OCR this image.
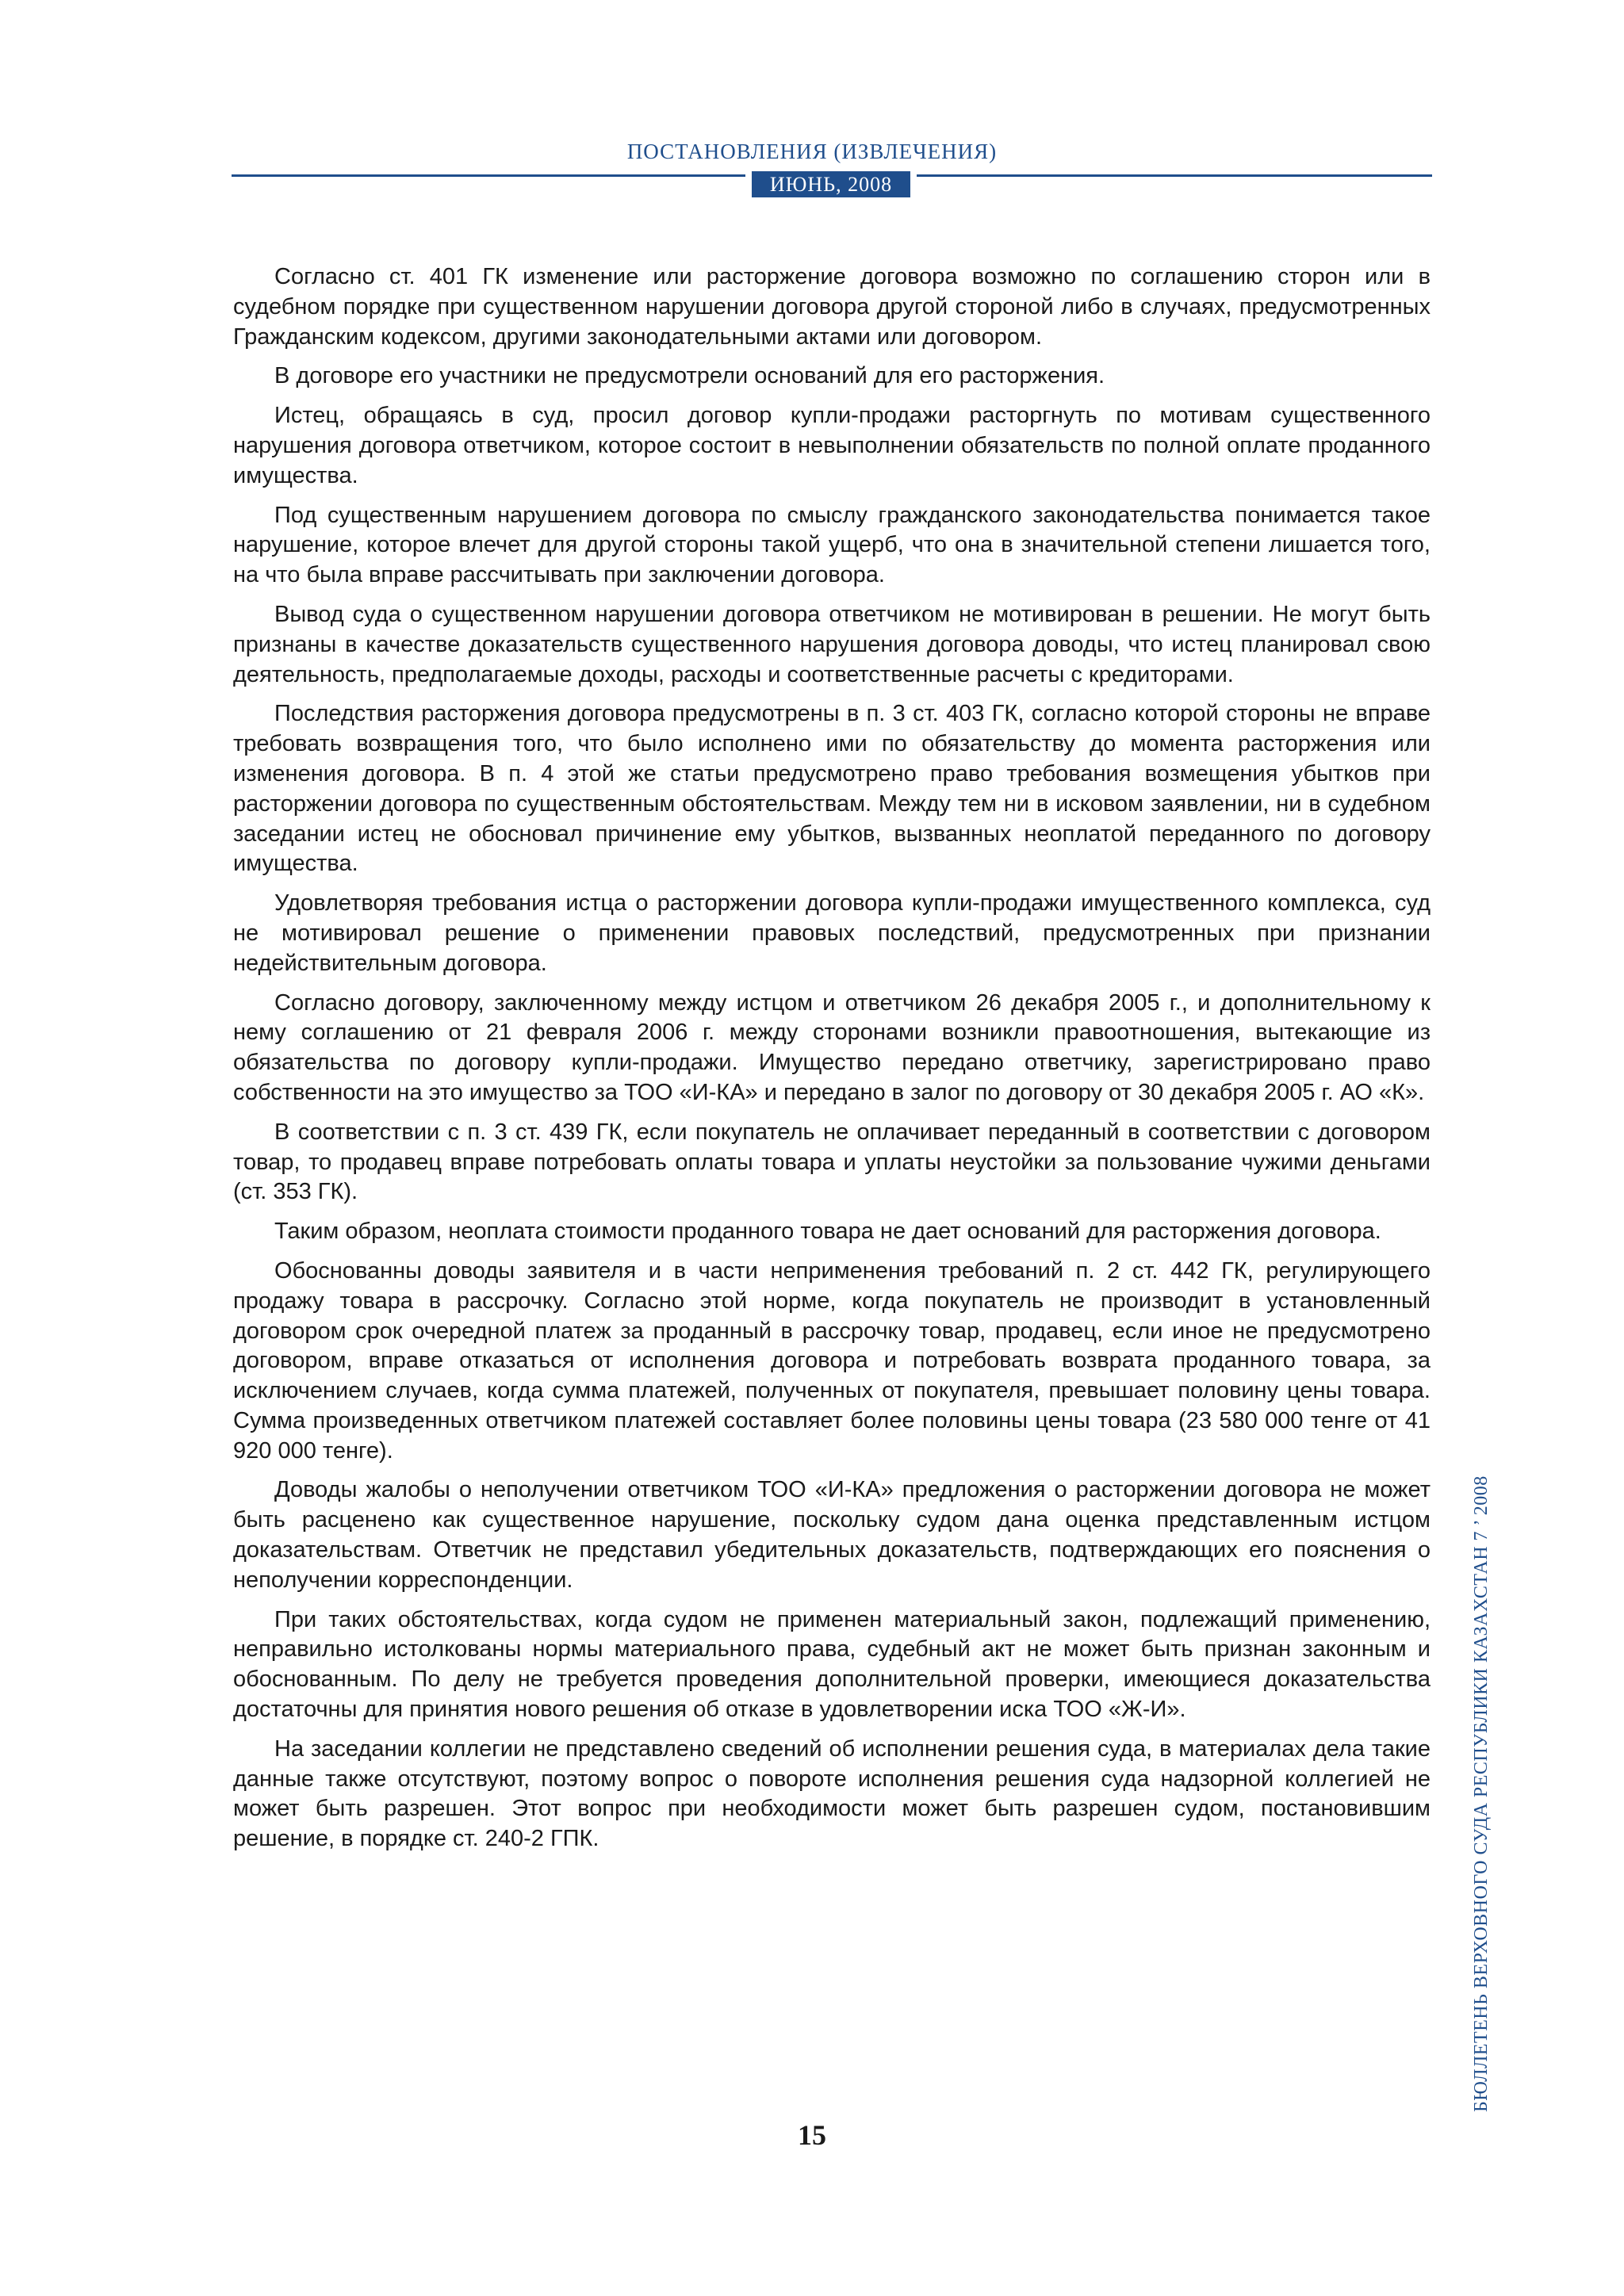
ПОСТАНОВЛЕНИЯ (ИЗВЛЕЧЕНИЯ)
ИЮНЬ, 2008

Согласно ст. 401 ГК изменение или расторжение договора возможно по соглашению сторон или в судебном порядке при существенном нарушении договора другой стороной либо в случаях, предусмотренных Гражданским кодексом, другими законодательными актами или договором.

В договоре его участники не предусмотрели оснований для его расторжения.

Истец, обращаясь в суд, просил договор купли-продажи расторгнуть по мотивам существенного нарушения договора ответчиком, которое состоит в невыполнении обязательств по полной оплате проданного имущества.

Под существенным нарушением договора по смыслу гражданского законодательства понимается такое нарушение, которое влечет для другой стороны такой ущерб, что она в значительной степени лишается того, на что была вправе рассчитывать при заключении договора.

Вывод суда о существенном нарушении договора ответчиком не мотивирован в решении. Не могут быть признаны в качестве доказательств существенного нарушения договора доводы, что истец планировал свою деятельность, предполагаемые доходы, расходы и соответственные расчеты с кредиторами.

Последствия расторжения договора предусмотрены в п. 3 ст. 403 ГК, согласно которой стороны не вправе требовать возвращения того, что было исполнено ими по обязательству до момента расторжения или изменения договора. В п. 4 этой же статьи предусмотрено право требования возмещения убытков при расторжении договора по существенным обстоятельствам. Между тем ни в исковом заявлении, ни в судебном заседании истец не обосновал причинение ему убытков, вызванных неоплатой переданного по договору имущества.

Удовлетворяя требования истца о расторжении договора купли-продажи имущественного комплекса, суд не мотивировал решение о применении правовых последствий, предусмотренных при признании недействительным договора.

Согласно договору, заключенному между истцом и ответчиком 26 декабря 2005 г., и дополнительному к нему соглашению от 21 февраля 2006 г. между сторонами возникли правоотношения, вытекающие из обязательства по договору купли-продажи. Имущество передано ответчику, зарегистрировано право собственности на это имущество за ТОО «И-КА» и передано в залог по договору от 30 декабря 2005 г. АО «К».

В соответствии с п. 3 ст. 439 ГК, если покупатель не оплачивает переданный в соответствии с договором товар, то продавец вправе потребовать оплаты товара и уплаты неустойки за пользование чужими деньгами (ст. 353 ГК).

Таким образом, неоплата стоимости проданного товара не дает оснований для расторжения договора.

Обоснованны доводы заявителя и в части неприменения требований п. 2 ст. 442 ГК, регулирующего продажу товара в рассрочку. Согласно этой норме, когда покупатель не производит в установленный договором срок очередной платеж за проданный в рассрочку товар, продавец, если иное не предусмотрено договором, вправе отказаться от исполнения договора и потребовать возврата проданного товара, за исключением случаев, когда сумма платежей, полученных от покупателя, превышает половину цены товара. Сумма произведенных ответчиком платежей составляет более половины цены товара (23 580 000 тенге от 41 920 000 тенге).

Доводы жалобы о неполучении ответчиком ТОО «И-КА» предложения о расторжении договора не может быть расценено как существенное нарушение, поскольку судом дана оценка представленным истцом доказательствам. Ответчик не представил убедительных доказательств, подтверждающих его пояснения о неполучении корреспонденции.

При таких обстоятельствах, когда судом не применен материальный закон, подлежащий применению, неправильно истолкованы нормы материального права, судебный акт не может быть признан законным и обоснованным. По делу не требуется проведения дополнительной проверки, имеющиеся доказательства достаточны для принятия нового решения об отказе в удовлетворении иска ТОО «Ж-И».

На заседании коллегии не представлено сведений об исполнении решения суда, в материалах дела такие данные также отсутствуют, поэтому вопрос о повороте исполнения решения суда надзорной коллегией не может быть разрешен. Этот вопрос при необходимости может быть разрешен судом, постановившим решение, в порядке ст. 240-2 ГПК.

15
БЮЛЛЕТЕНЬ ВЕРХОВНОГО СУДА РЕСПУБЛИКИ КАЗАХСТАН 7 ’ 2008
